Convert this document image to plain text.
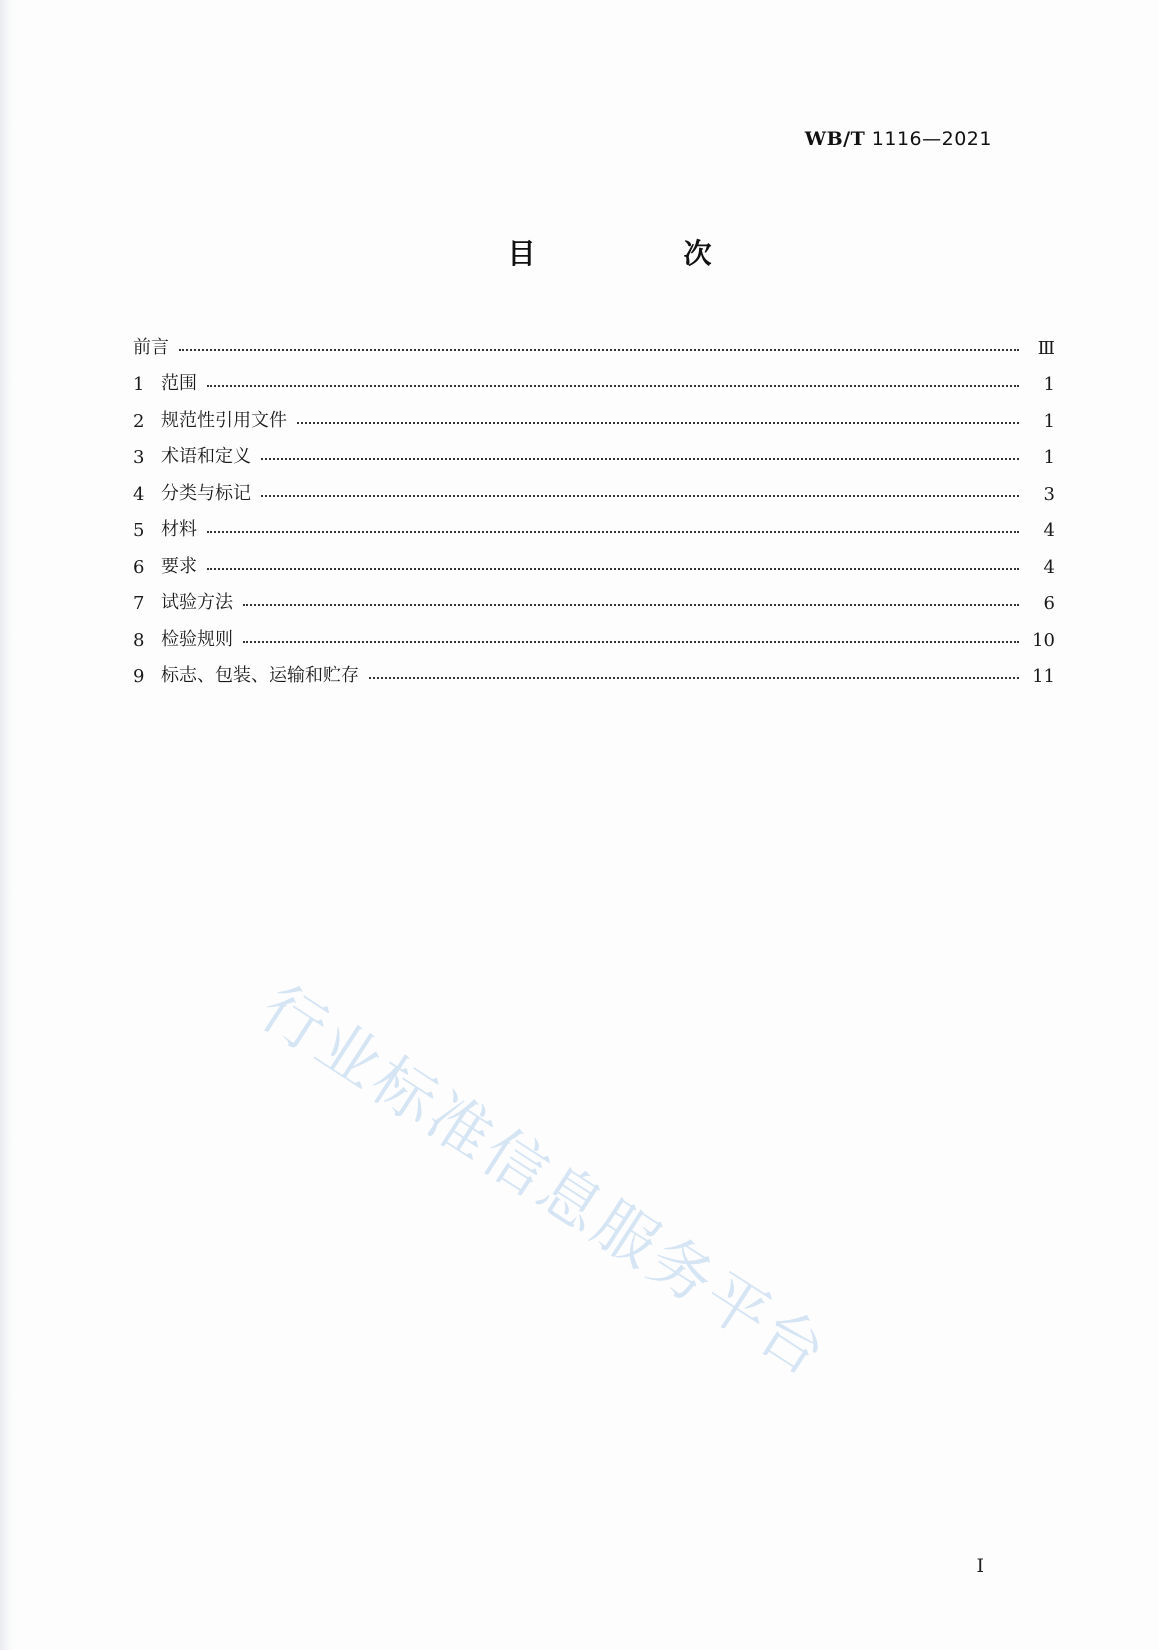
WB/T 1116—2021
目　次
前言	Ⅲ
1 范围	1
2 规范性引用文件	1
3 术语和定义	1
4 分类与标记	3
5 材料	4
6 要求	4
7 试验方法	6
8 检验规则	10
9 标志、包装、运输和贮存	11
行业标准信息服务平台
Ⅰ
